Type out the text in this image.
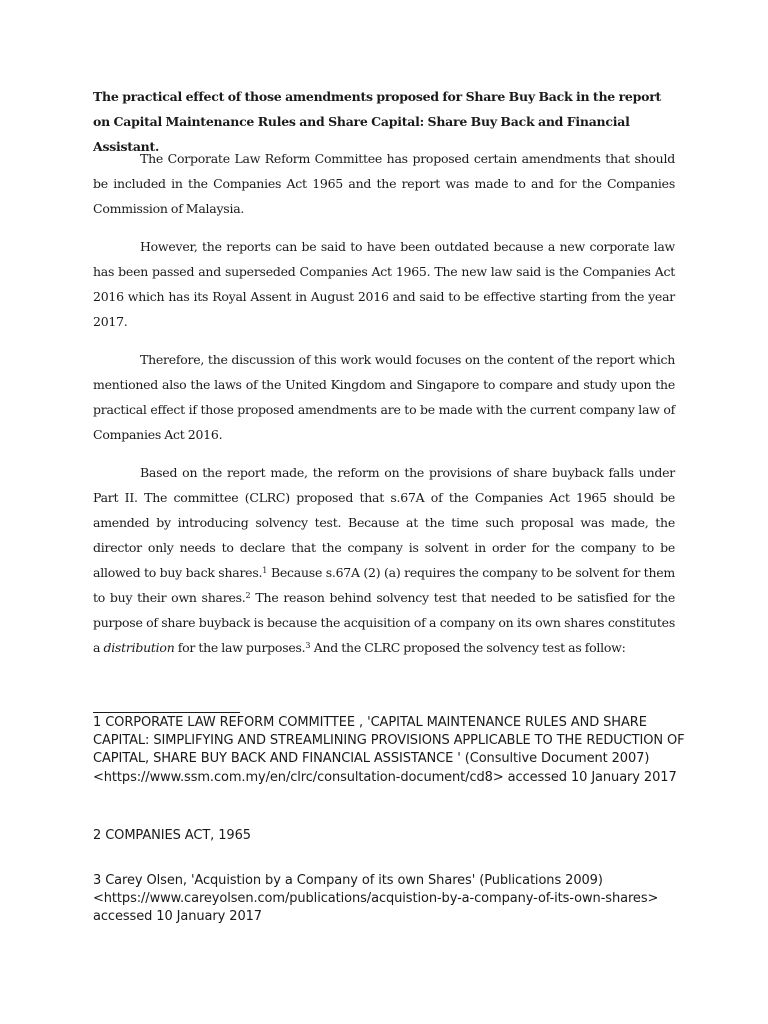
The practical effect of those amendments proposed for Share Buy Back in the report on Capital Maintenance Rules and Share Capital: Share Buy Back and Financial Assistant.

The Corporate Law Reform Committee has proposed certain amendments that should be included in the Companies Act 1965 and the report was made to and for the Companies Commission of Malaysia.

However, the reports can be said to have been outdated because a new corporate law has been passed and superseded Companies Act 1965. The new law said is the Companies Act 2016 which has its Royal Assent in August 2016 and said to be effective starting from the year 2017.

Therefore, the discussion of this work would focuses on the content of the report which mentioned also the laws of the United Kingdom and Singapore to compare and study upon the practical effect if those proposed amendments are to be made with the current company law of Companies Act 2016.

Based on the report made, the reform on the provisions of share buyback falls under Part II. The committee (CLRC) proposed that s.67A of the Companies Act 1965 should be amended by introducing solvency test. Because at the time such proposal was made, the director only needs to declare that the company is solvent in order for the company to be allowed to buy back shares.$^1$ Because s.67A (2) (a) requires the company to be solvent for them to buy their own shares.$^2$ The reason behind solvency test that needed to be satisfied for the purpose of share buyback is because the acquisition of a company on its own shares constitutes a distribution for the law purposes.$^3$ And the CLRC proposed the solvency test as follow:

1 CORPORATE LAW REFORM COMMITTEE , 'CAPITAL MAINTENANCE RULES AND SHARE CAPITAL: SIMPLIFYING AND STREAMLINING PROVISIONS APPLICABLE TO THE REDUCTION OF CAPITAL, SHARE BUY BACK AND FINANCIAL ASSISTANCE ' (Consultive Document 2007) <https://www.ssm.com.my/en/clrc/consultation-document/cd8> accessed 10 January 2017

2 COMPANIES ACT, 1965

3 Carey Olsen, 'Acquistion by a Company of its own Shares' (Publications 2009) <https://www.careyolsen.com/publications/acquistion-by-a-company-of-its-own-shares> accessed 10 January 2017
